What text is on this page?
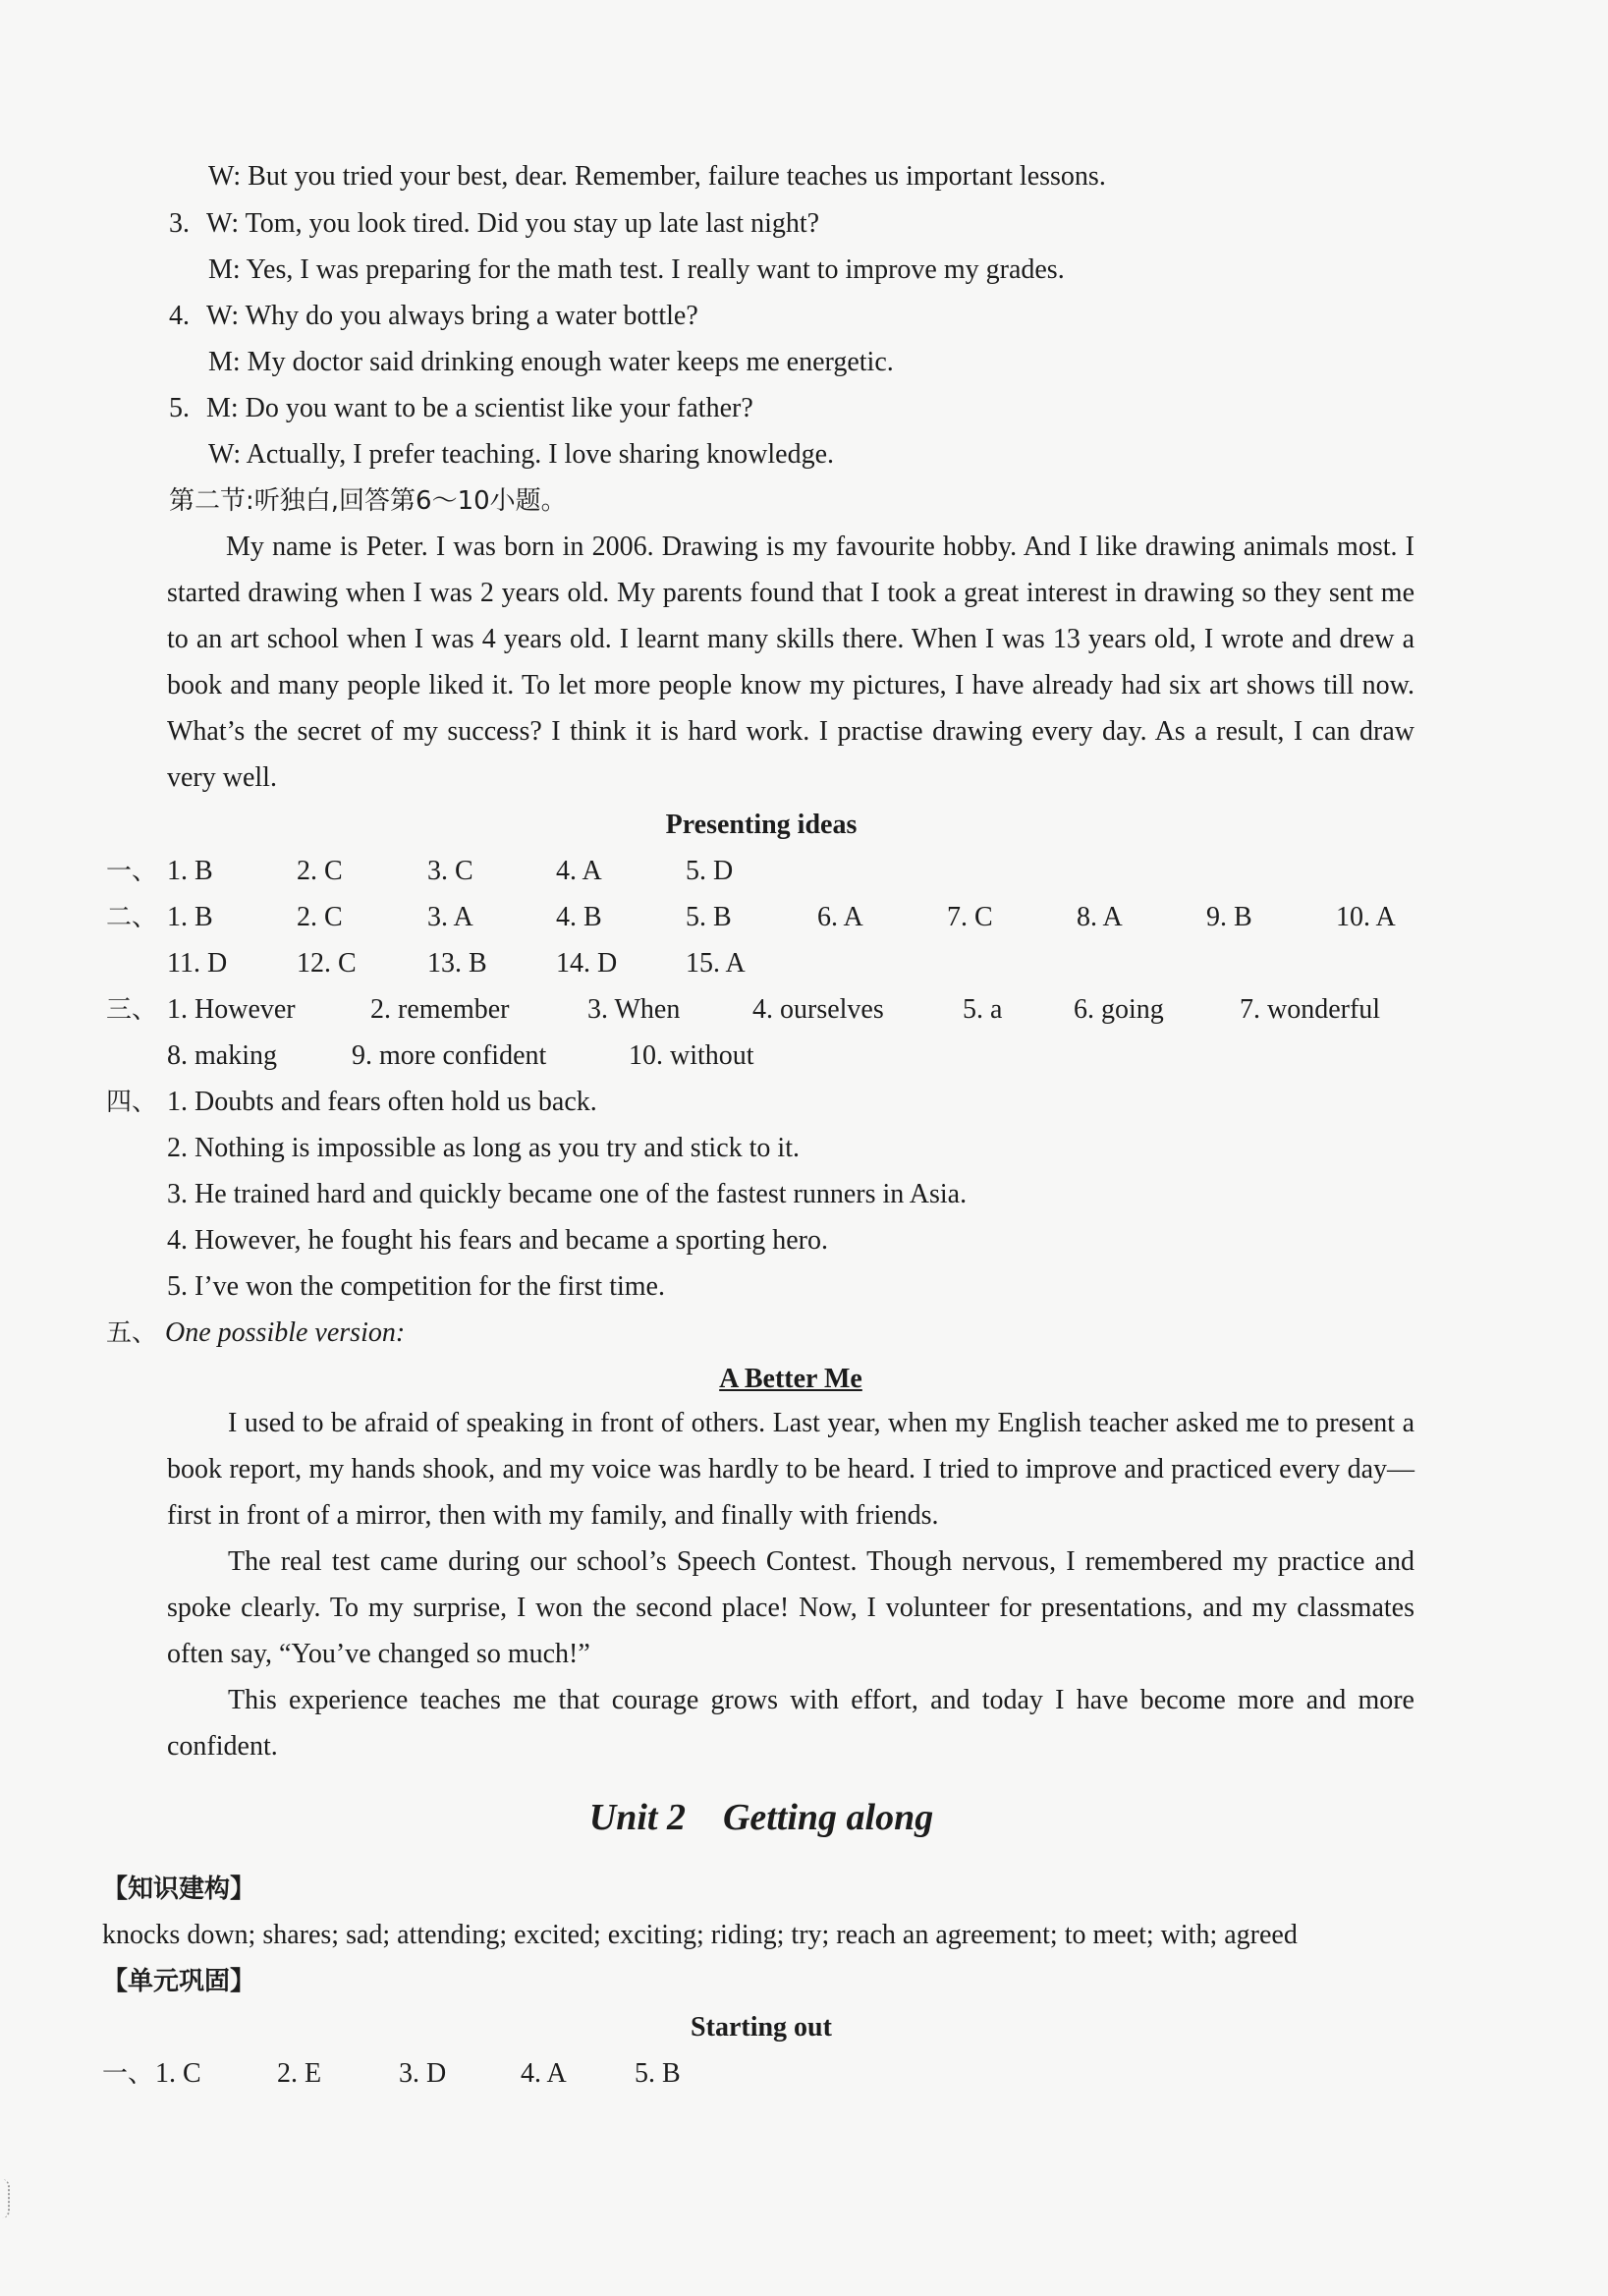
W: But you tried your best, dear. Remember, failure teaches us important lessons.
3. W: Tom, you look tired. Did you stay up late last night?
M: Yes, I was preparing for the math test. I really want to improve my grades.
4. W: Why do you always bring a water bottle?
M: My doctor said drinking enough water keeps me energetic.
5. M: Do you want to be a scientist like your father?
W: Actually, I prefer teaching. I love sharing knowledge.
第二节:听独白,回答第6～10小题。
My name is Peter. I was born in 2006. Drawing is my favourite hobby. And I like drawing animals most. I started drawing when I was 2 years old. My parents found that I took a great interest in drawing so they sent me to an art school when I was 4 years old. I learnt many skills there. When I was 13 years old, I wrote and drew a book and many people liked it. To let more people know my pictures, I have already had six art shows till now. What’s the secret of my success? I think it is hard work. I practise drawing every day. As a result, I can draw very well.
Presenting ideas
一、 1. B	2. C	3. C	4. A	5. D
二、 1. B	2. C	3. A	4. B	5. B	6. A	7. C	8. A	9. B	10. A
11. D	12. C	13. B	14. D 15. A
三、 1. However	2. remember	3. When	4. ourselves	5. a	6. going	7. wonderful
8. making	9. more confident	10. without
四、 1. Doubts and fears often hold us back.
2. Nothing is impossible as long as you try and stick to it.
3. He trained hard and quickly became one of the fastest runners in Asia.
4. However, he fought his fears and became a sporting hero.
5. I’ve won the competition for the first time.
五、 One possible version:
A Better Me
I used to be afraid of speaking in front of others. Last year, when my English teacher asked me to present a book report, my hands shook, and my voice was hardly to be heard. I tried to improve and practiced every day—first in front of a mirror, then with my family, and finally with friends.
The real test came during our school’s Speech Contest. Though nervous, I remembered my practice and spoke clearly. To my surprise, I won the second place! Now, I volunteer for presentations, and my classmates often say, “You’ve changed so much!”
This experience teaches me that courage grows with effort, and today I have become more and more confident.
Unit 2    Getting along
【知识建构】
knocks down; shares; sad; attending; excited; exciting; riding; try; reach an agreement; to meet; with; agreed
【单元巩固】
Starting out
一、 1. C	2. E	3. D	4. A 5. B
